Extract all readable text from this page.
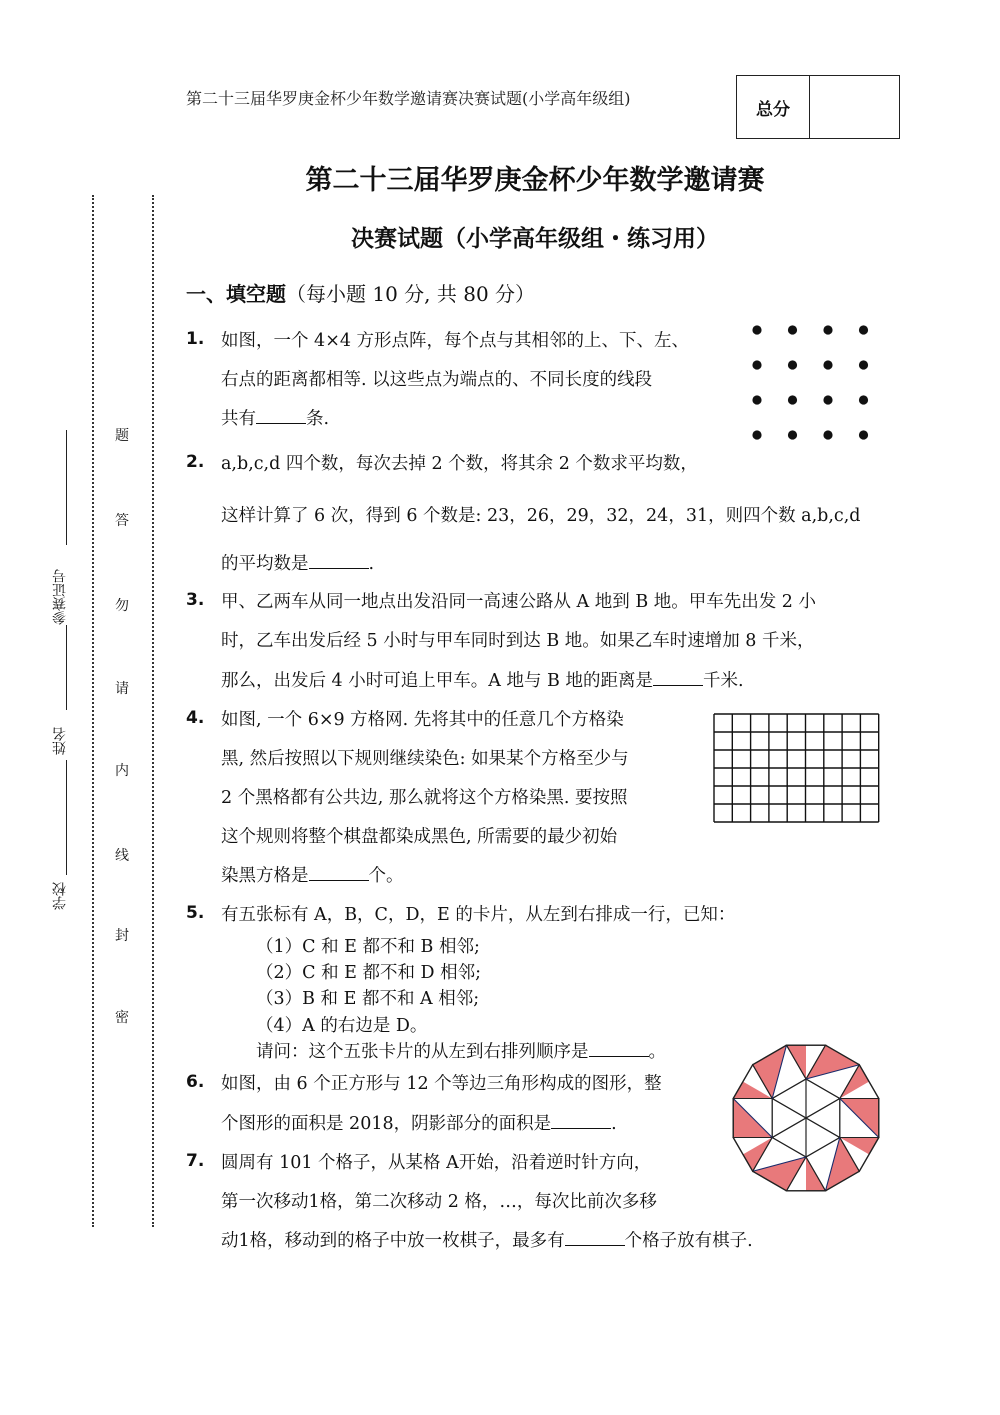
第二十三届华罗庚金杯少年数学邀请赛决赛试题(小学高年级组)
总分
第二十三届华罗庚金杯少年数学邀请赛
决赛试题（小学高年级组・练习用）
一、填空题（每小题 10 分, 共 80 分）
学校
姓名
参赛证号
题
答
勿
请
内
线
封
密
1. 如图，一个 4×4 方形点阵，每个点与其相邻的上、下、左、
右点的距离都相等. 以这些点为端点的、不同长度的线段
共有	条.
2. a,b,c,d 四个数，每次去掉 2 个数，将其余 2 个数求平均数，
这样计算了 6 次，得到 6 个数是: 23，26，29，32，24，31，则四个数 a,b,c,d
的平均数是	.
3. 甲、乙两车从同一地点出发沿同一高速公路从 A 地到 B 地。甲车先出发 2 小
时，乙车出发后经 5 小时与甲车同时到达 B 地。如果乙车时速增加 8 千米，
那么，出发后 4 小时可追上甲车。A 地与 B 地的距离是	千米.
4. 如图, 一个 6×9 方格网. 先将其中的任意几个方格染
黑, 然后按照以下规则继续染色: 如果某个方格至少与
2 个黑格都有公共边, 那么就将这个方格染黑. 要按照
这个规则将整个棋盘都染成黑色, 所需要的最少初始
染黑方格是	个。
5. 有五张标有 A，B，C，D，E 的卡片，从左到右排成一行，已知：
（1）C 和 E 都不和 B 相邻;
（2）C 和 E 都不和 D 相邻;
（3）B 和 E 都不和 A 相邻;
（4）A 的右边是 D。
请问：这个五张卡片的从左到右排列顺序是	。
6. 如图，由 6 个正方形与 12 个等边三角形构成的图形，整
个图形的面积是 2018，阴影部分的面积是	.
7. 圆周有 101 个格子，从某格 A开始，沿着逆时针方向，
第一次移动1格，第二次移动 2 格，…，每次比前次多移
动1格，移动到的格子中放一枚棋子，最多有	个格子放有棋子.
